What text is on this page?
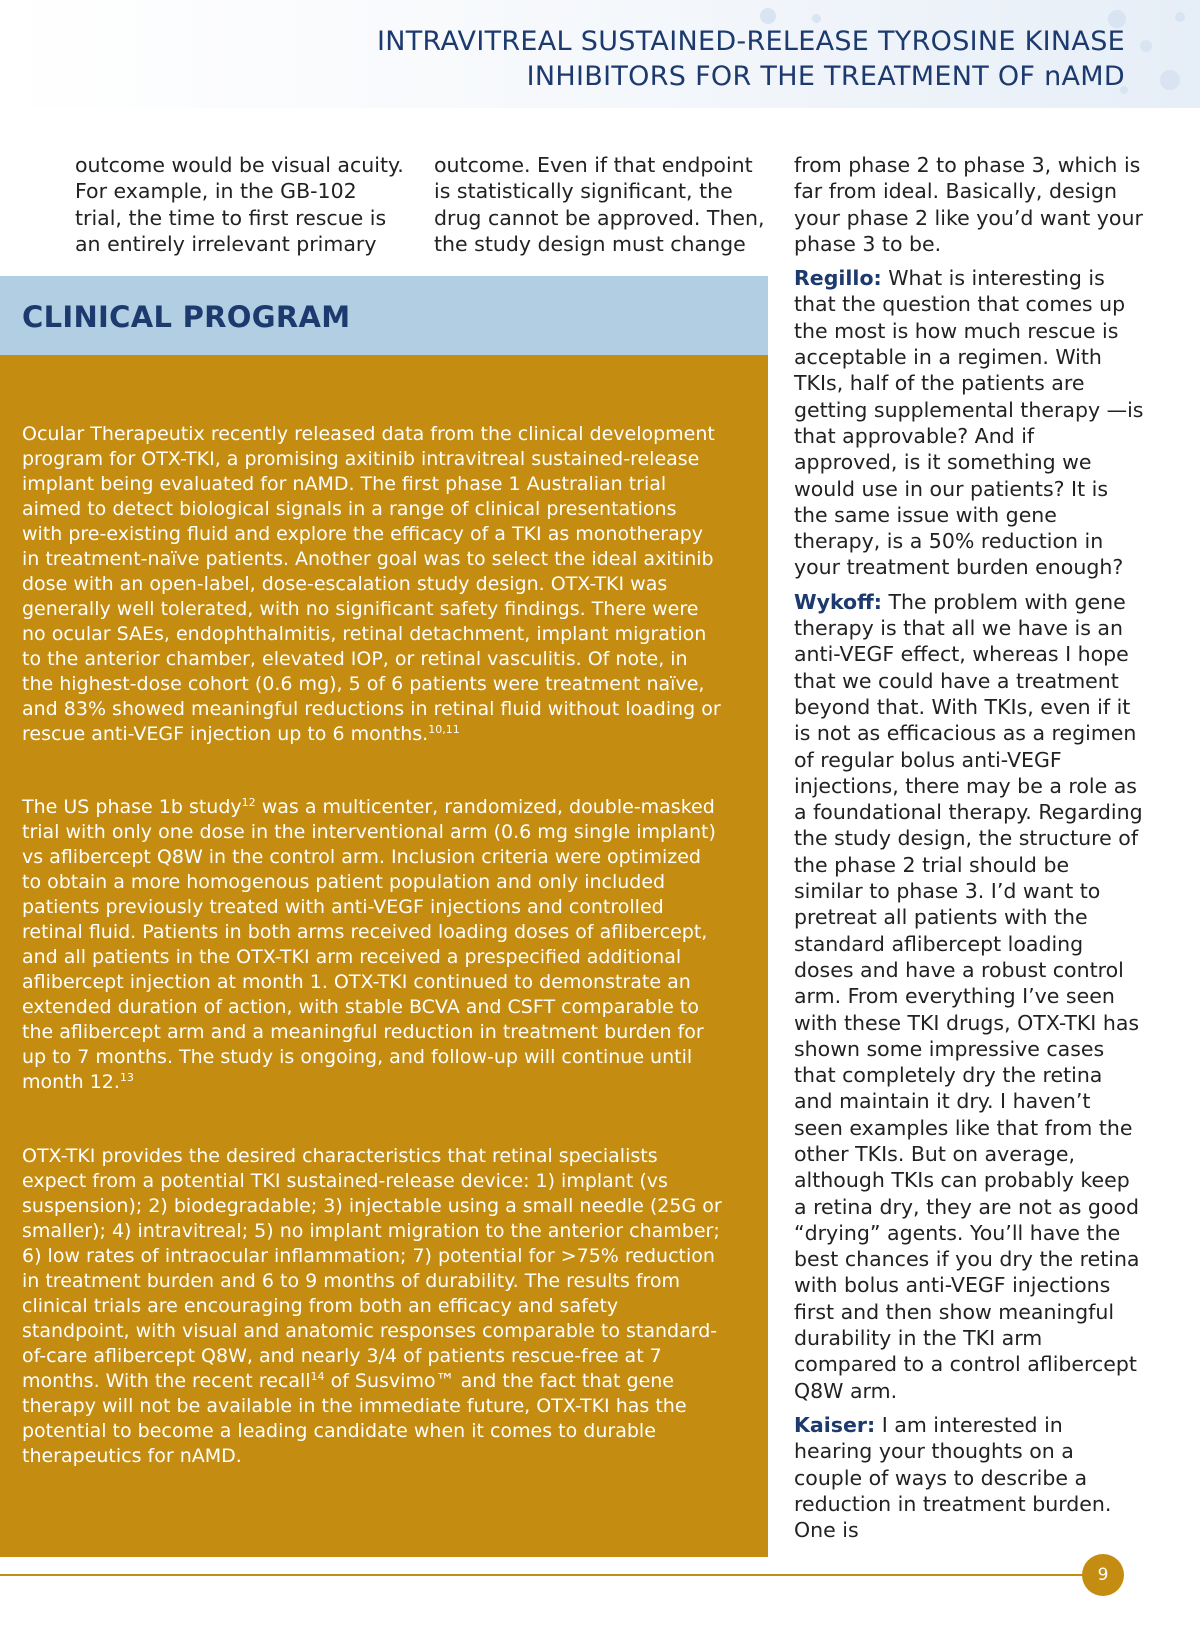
INTRAVITREAL SUSTAINED-RELEASE TYROSINE KINASE
INHIBITORS FOR THE TREATMENT OF nAMD

outcome would be visual acuity. For example, in the GB-102 trial, the time to first rescue is an entirely irrelevant primary

outcome. Even if that endpoint is statistically significant, the drug cannot be approved. Then, the study design must change

from phase 2 to phase 3, which is far from ideal. Basically, design your phase 2 like you’d want your phase 3 to be.

Regillo: What is interesting is that the question that comes up the most is how much rescue is acceptable in a regimen. With TKIs, half of the patients are getting supplemental therapy —is that approvable? And if approved, is it something we would use in our patients? It is the same issue with gene therapy, is a 50% reduction in your treatment burden enough?

Wykoff: The problem with gene therapy is that all we have is an anti-VEGF effect, whereas I hope that we could have a treatment beyond that. With TKIs, even if it is not as efficacious as a regimen of regular bolus anti-VEGF injections, there may be a role as a foundational therapy. Regarding the study design, the structure of the phase 2 trial should be similar to phase 3. I’d want to pretreat all patients with the standard aflibercept loading doses and have a robust control arm. From everything I’ve seen with these TKI drugs, OTX-TKI has shown some impressive cases that completely dry the retina and maintain it dry. I haven’t seen examples like that from the other TKIs. But on average, although TKIs can probably keep a retina dry, they are not as good “drying” agents. You’ll have the best chances if you dry the retina with bolus anti-VEGF injections first and then show meaningful durability in the TKI arm compared to a control aflibercept Q8W arm.

Kaiser: I am interested in hearing your thoughts on a couple of ways to describe a reduction in treatment burden. One is

CLINICAL PROGRAM

Ocular Therapeutix recently released data from the clinical development program for OTX-TKI, a promising axitinib intravitreal sustained-release implant being evaluated for nAMD. The first phase 1 Australian trial aimed to detect biological signals in a range of clinical presentations with pre-existing fluid and explore the efficacy of a TKI as monotherapy in treatment-naïve patients. Another goal was to select the ideal axitinib dose with an open-label, dose-escalation study design. OTX-TKI was generally well tolerated, with no significant safety findings. There were no ocular SAEs, endophthalmitis, retinal detachment, implant migration to the anterior chamber, elevated IOP, or retinal vasculitis. Of note, in the highest-dose cohort (0.6 mg), 5 of 6 patients were treatment naïve, and 83% showed meaningful reductions in retinal fluid without loading or rescue anti-VEGF injection up to 6 months.$^{10,11}$

The US phase 1b study$^{12}$ was a multicenter, randomized, double-masked trial with only one dose in the interventional arm (0.6 mg single implant) vs aflibercept Q8W in the control arm. Inclusion criteria were optimized to obtain a more homogenous patient population and only included patients previously treated with anti-VEGF injections and controlled retinal fluid. Patients in both arms received loading doses of aflibercept, and all patients in the OTX-TKI arm received a prespecified additional aflibercept injection at month 1. OTX-TKI continued to demonstrate an extended duration of action, with stable BCVA and CSFT comparable to the aflibercept arm and a meaningful reduction in treatment burden for up to 7 months. The study is ongoing, and follow-up will continue until month 12.13

OTX-TKI provides the desired characteristics that retinal specialists expect from a potential TKI sustained-release device: 1) implant (vs suspension); 2) biodegradable; 3) injectable using a small needle (25G or smaller); 4) intravitreal; 5) no implant migration to the anterior chamber; 6) low rates of intraocular inflammation; 7) potential for >75% reduction in treatment burden and 6 to 9 months of durability. The results from clinical trials are encouraging from both an efficacy and safety standpoint, with visual and anatomic responses comparable to standard-of-care aflibercept Q8W, and nearly 3/4 of patients rescue-free at 7 months. With the recent recall$^{14}$ of Susvimo™ and the fact that gene therapy will not be available in the immediate future, OTX-TKI has the potential to become a leading candidate when it comes to durable therapeutics for nAMD.

9
